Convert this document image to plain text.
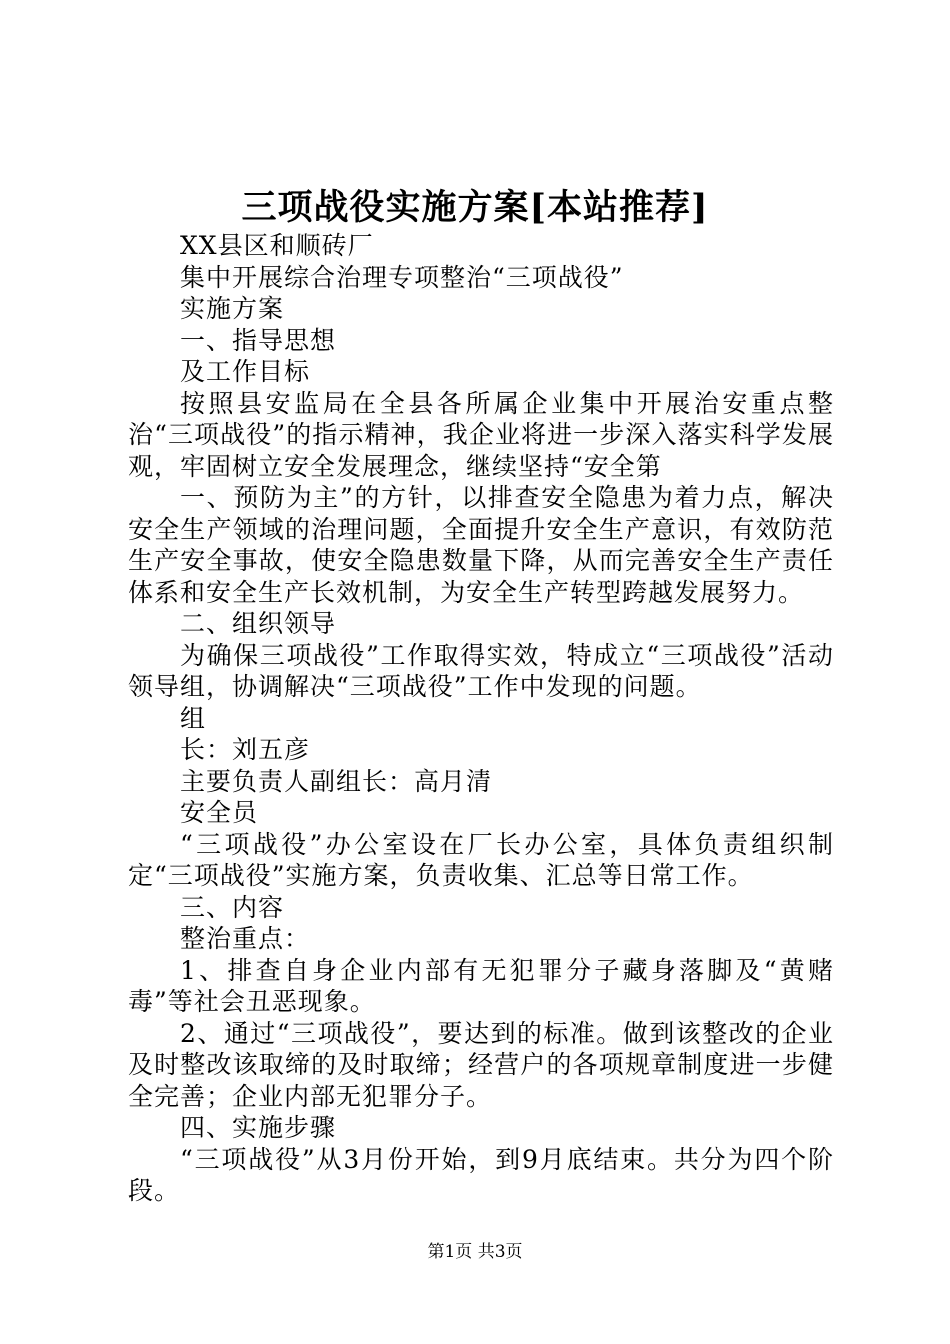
三项战役实施方案[本站推荐]

XX县区和顺砖厂

集中开展综合治理专项整治“三项战役”

实施方案

一、指导思想

及工作目标

按照县安监局在全县各所属企业集中开展治安重点整治“三项战役”的指示精神，我企业将进一步深入落实科学发展观，牢固树立安全发展理念，继续坚持“安全第

一、预防为主”的方针，以排查安全隐患为着力点，解决安全生产领域的治理问题，全面提升安全生产意识，有效防范生产安全事故，使安全隐患数量下降，从而完善安全生产责任体系和安全生产长效机制，为安全生产转型跨越发展努力。

二、组织领导

为确保三项战役”工作取得实效，特成立“三项战役”活动领导组，协调解决“三项战役”工作中发现的问题。

组

长：刘五彦

主要负责人副组长：高月清

安全员

“三项战役”办公室设在厂长办公室，具体负责组织制定“三项战役”实施方案，负责收集、汇总等日常工作。

三、内容

整治重点：

1、排查自身企业内部有无犯罪分子藏身落脚及“黄赌毒”等社会丑恶现象。

2、通过“三项战役”，要达到的标准。做到该整改的企业及时整改该取缔的及时取缔；经营户的各项规章制度进一步健全完善；企业内部无犯罪分子。

四、实施步骤

“三项战役”从3月份开始，到9月底结束。共分为四个阶段。

第1页 共3页
